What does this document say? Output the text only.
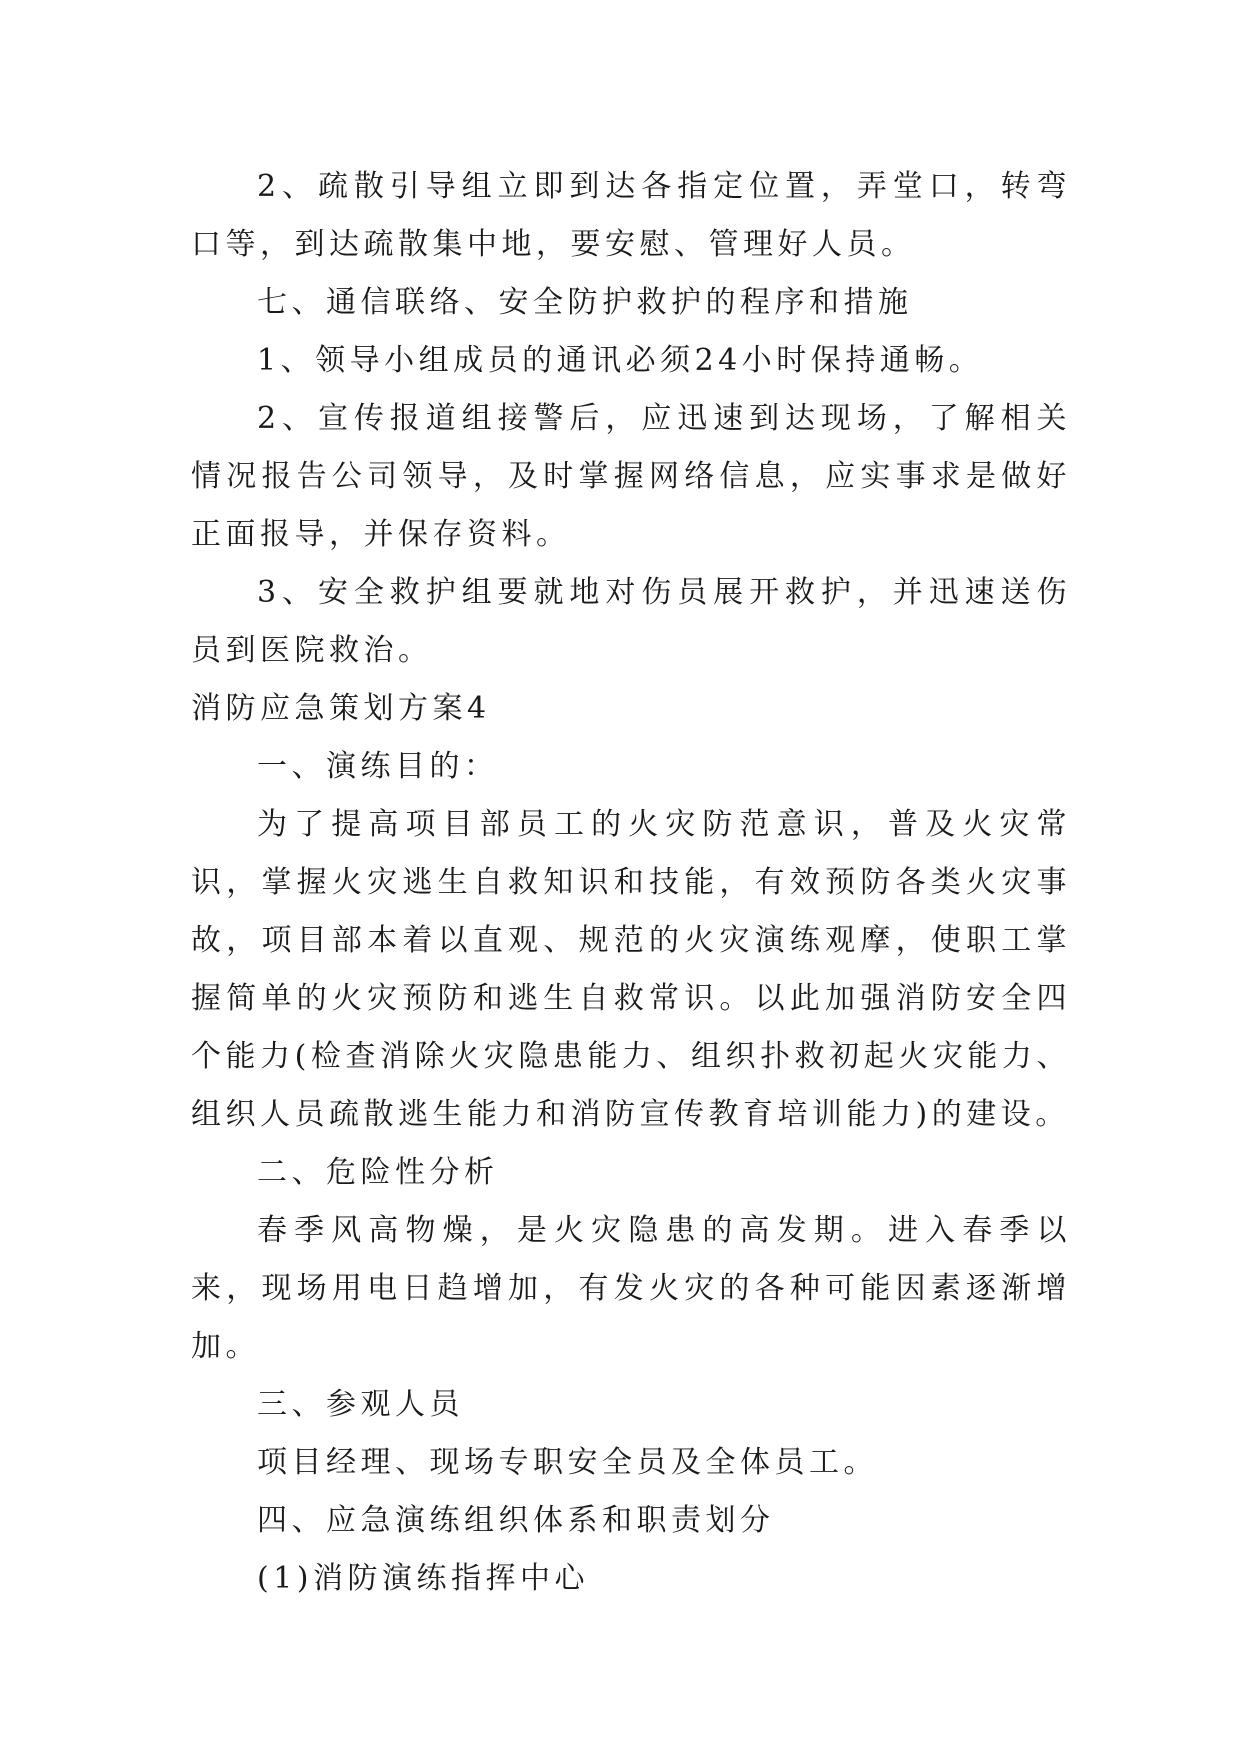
2、疏散引导组立即到达各指定位置，弄堂口，转弯口等，到达疏散集中地，要安慰、管理好人员。

七、通信联络、安全防护救护的程序和措施

1、领导小组成员的通讯必须24小时保持通畅。

2、宣传报道组接警后，应迅速到达现场，了解相关情况报告公司领导，及时掌握网络信息，应实事求是做好正面报导，并保存资料。

3、安全救护组要就地对伤员展开救护，并迅速送伤员到医院救治。

消防应急策划方案4

一、演练目的：

为了提高项目部员工的火灾防范意识，普及火灾常识，掌握火灾逃生自救知识和技能，有效预防各类火灾事故，项目部本着以直观、规范的火灾演练观摩，使职工掌握简单的火灾预防和逃生自救常识。以此加强消防安全四个能力(检查消除火灾隐患能力、组织扑救初起火灾能力、组织人员疏散逃生能力和消防宣传教育培训能力)的建设。

二、危险性分析

春季风高物燥，是火灾隐患的高发期。进入春季以来，现场用电日趋增加，有发火灾的各种可能因素逐渐增加。

三、参观人员

项目经理、现场专职安全员及全体员工。

四、应急演练组织体系和职责划分

(1)消防演练指挥中心
